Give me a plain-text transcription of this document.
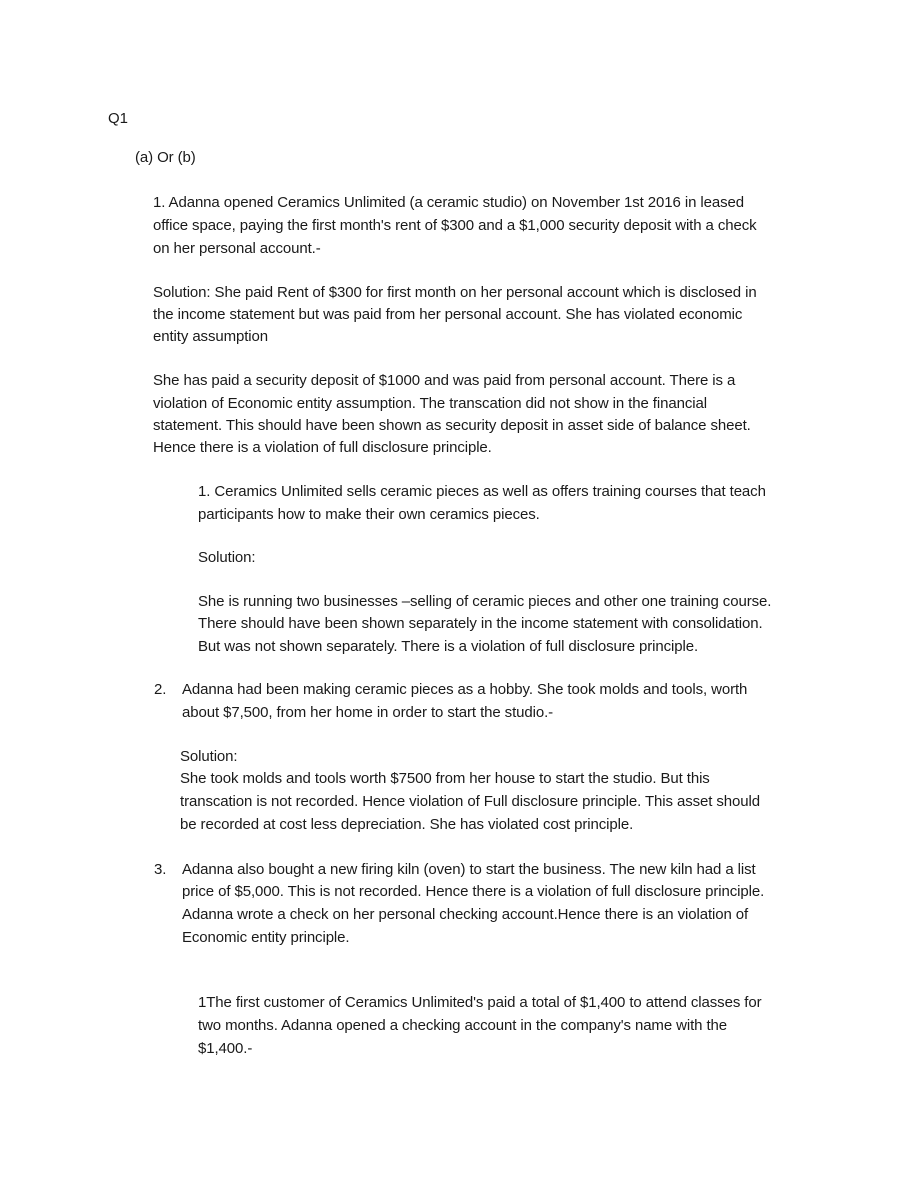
Q1
(a) Or (b)
1. Adanna opened Ceramics Unlimited (a ceramic studio) on November 1st 2016 in leased
office space, paying the first month's rent of $300 and a $1,000 security deposit with a check
on her personal account.-
Solution: She paid Rent of $300 for first month on her personal account which is disclosed in
the income statement but was paid from her personal account. She has violated economic
entity assumption
She has paid a security deposit of $1000 and was paid from personal account. There is a
violation of Economic entity assumption. The transcation did not show in the financial
statement. This should have been shown as security deposit in asset side of balance sheet.
Hence there is a violation of full disclosure principle.
1. Ceramics Unlimited sells ceramic pieces as well as offers training courses that teach
participants how to make their own ceramics pieces.
Solution:
She is running two businesses –selling of ceramic pieces and other one training course.
There should have been shown separately in the income statement with consolidation.
But was not shown separately. There is a violation of full disclosure principle.
2. Adanna had been making ceramic pieces as a hobby. She took molds and tools, worth
about $7,500, from her home in order to start the studio.-
Solution:
She took molds and tools worth $7500 from her house to start the studio. But this
transcation is not recorded. Hence violation of Full disclosure principle. This asset should
be recorded at cost less depreciation. She has violated cost principle.
3. Adanna also bought a new firing kiln (oven) to start the business. The new kiln had a list
price of $5,000. This is not recorded. Hence there is a violation of full disclosure principle.
Adanna wrote a check on her personal checking account.Hence there is an violation of
Economic entity principle.
1The first customer of Ceramics Unlimited's paid a total of $1,400 to attend classes for
two months. Adanna opened a checking account in the company's name with the
$1,400.-
